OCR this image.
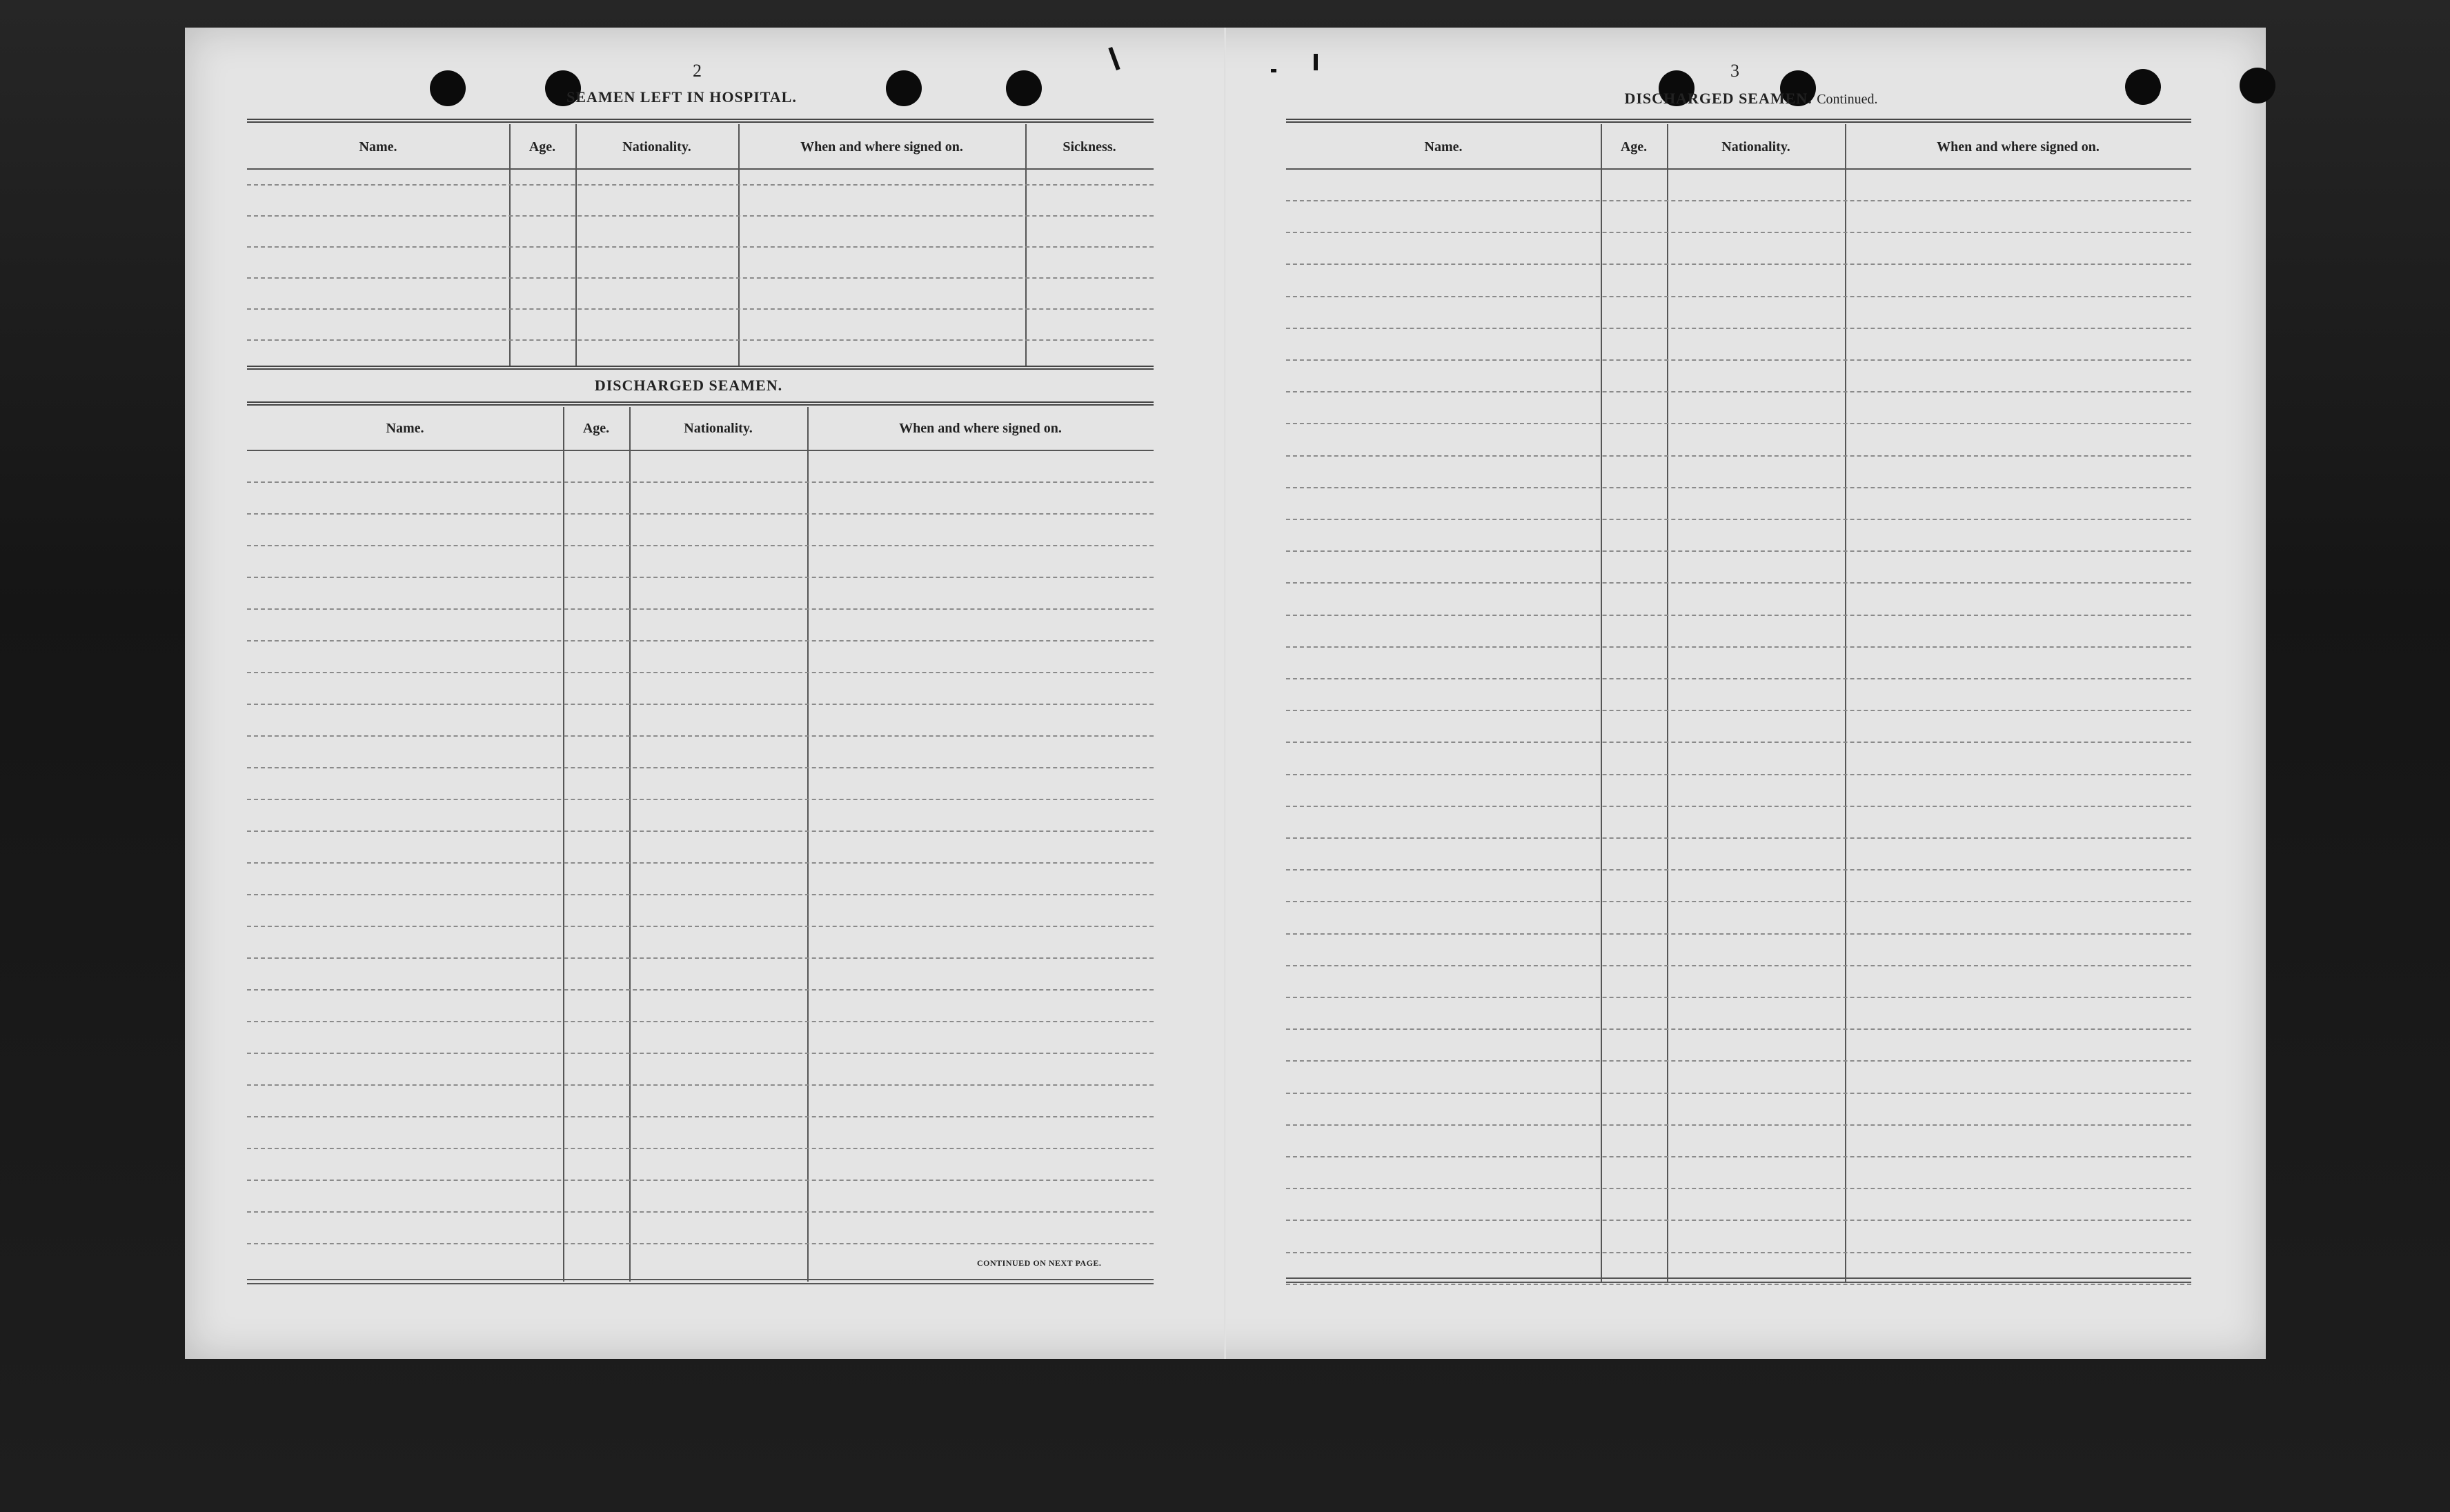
2
SEAMEN LEFT IN HOSPITAL.
Name.	Age.	Nationality.	When and where signed on.	Sickness.
DISCHARGED SEAMEN.
Name.	Age.	Nationality.	When and where signed on.
CONTINUED ON NEXT PAGE.
3
DISCHARGED SEAMEN. Continued.
Name.	Age.	Nationality.	When and where signed on.
